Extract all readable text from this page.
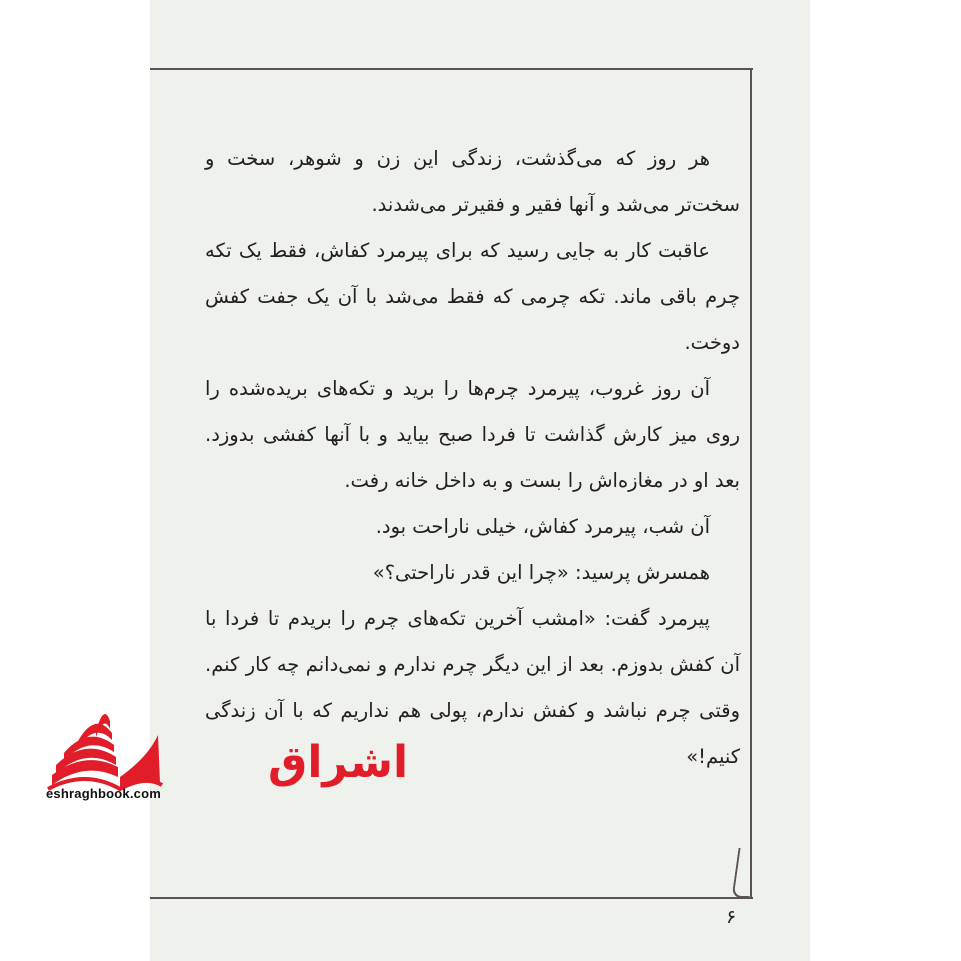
هر روز که می‌گذشت، زندگی این زن و شوهر، سخت و سخت‌تر می‌شد و آنها فقیر و فقیرتر می‌شدند.

عاقبت کار به جایی رسید که برای پیرمرد کفاش، فقط یک تکه چرم باقی ماند. تکه چرمی که فقط می‌شد با آن یک جفت کفش دوخت.

آن روز غروب، پیرمرد چرم‌ها را برید و تکه‌های بریده‌شده را روی میز کارش گذاشت تا فردا صبح بیاید و با آنها کفشی بدوزد. بعد او در مغازه‌اش را بست و به داخل خانه رفت.

آن شب، پیرمرد کفاش، خیلی ناراحت بود.

همسرش پرسید: «چرا این قدر ناراحتی؟»

پیرمرد گفت: «امشب آخرین تکه‌های چرم را بریدم تا فردا با آن کفش بدوزم. بعد از این دیگر چرم ندارم و نمی‌دانم چه کار کنم. وقتی چرم نباشد و کفش ندارم، پولی هم نداریم که با آن زندگی کنیم!»

۶
اشراق
eshraghbook.com
